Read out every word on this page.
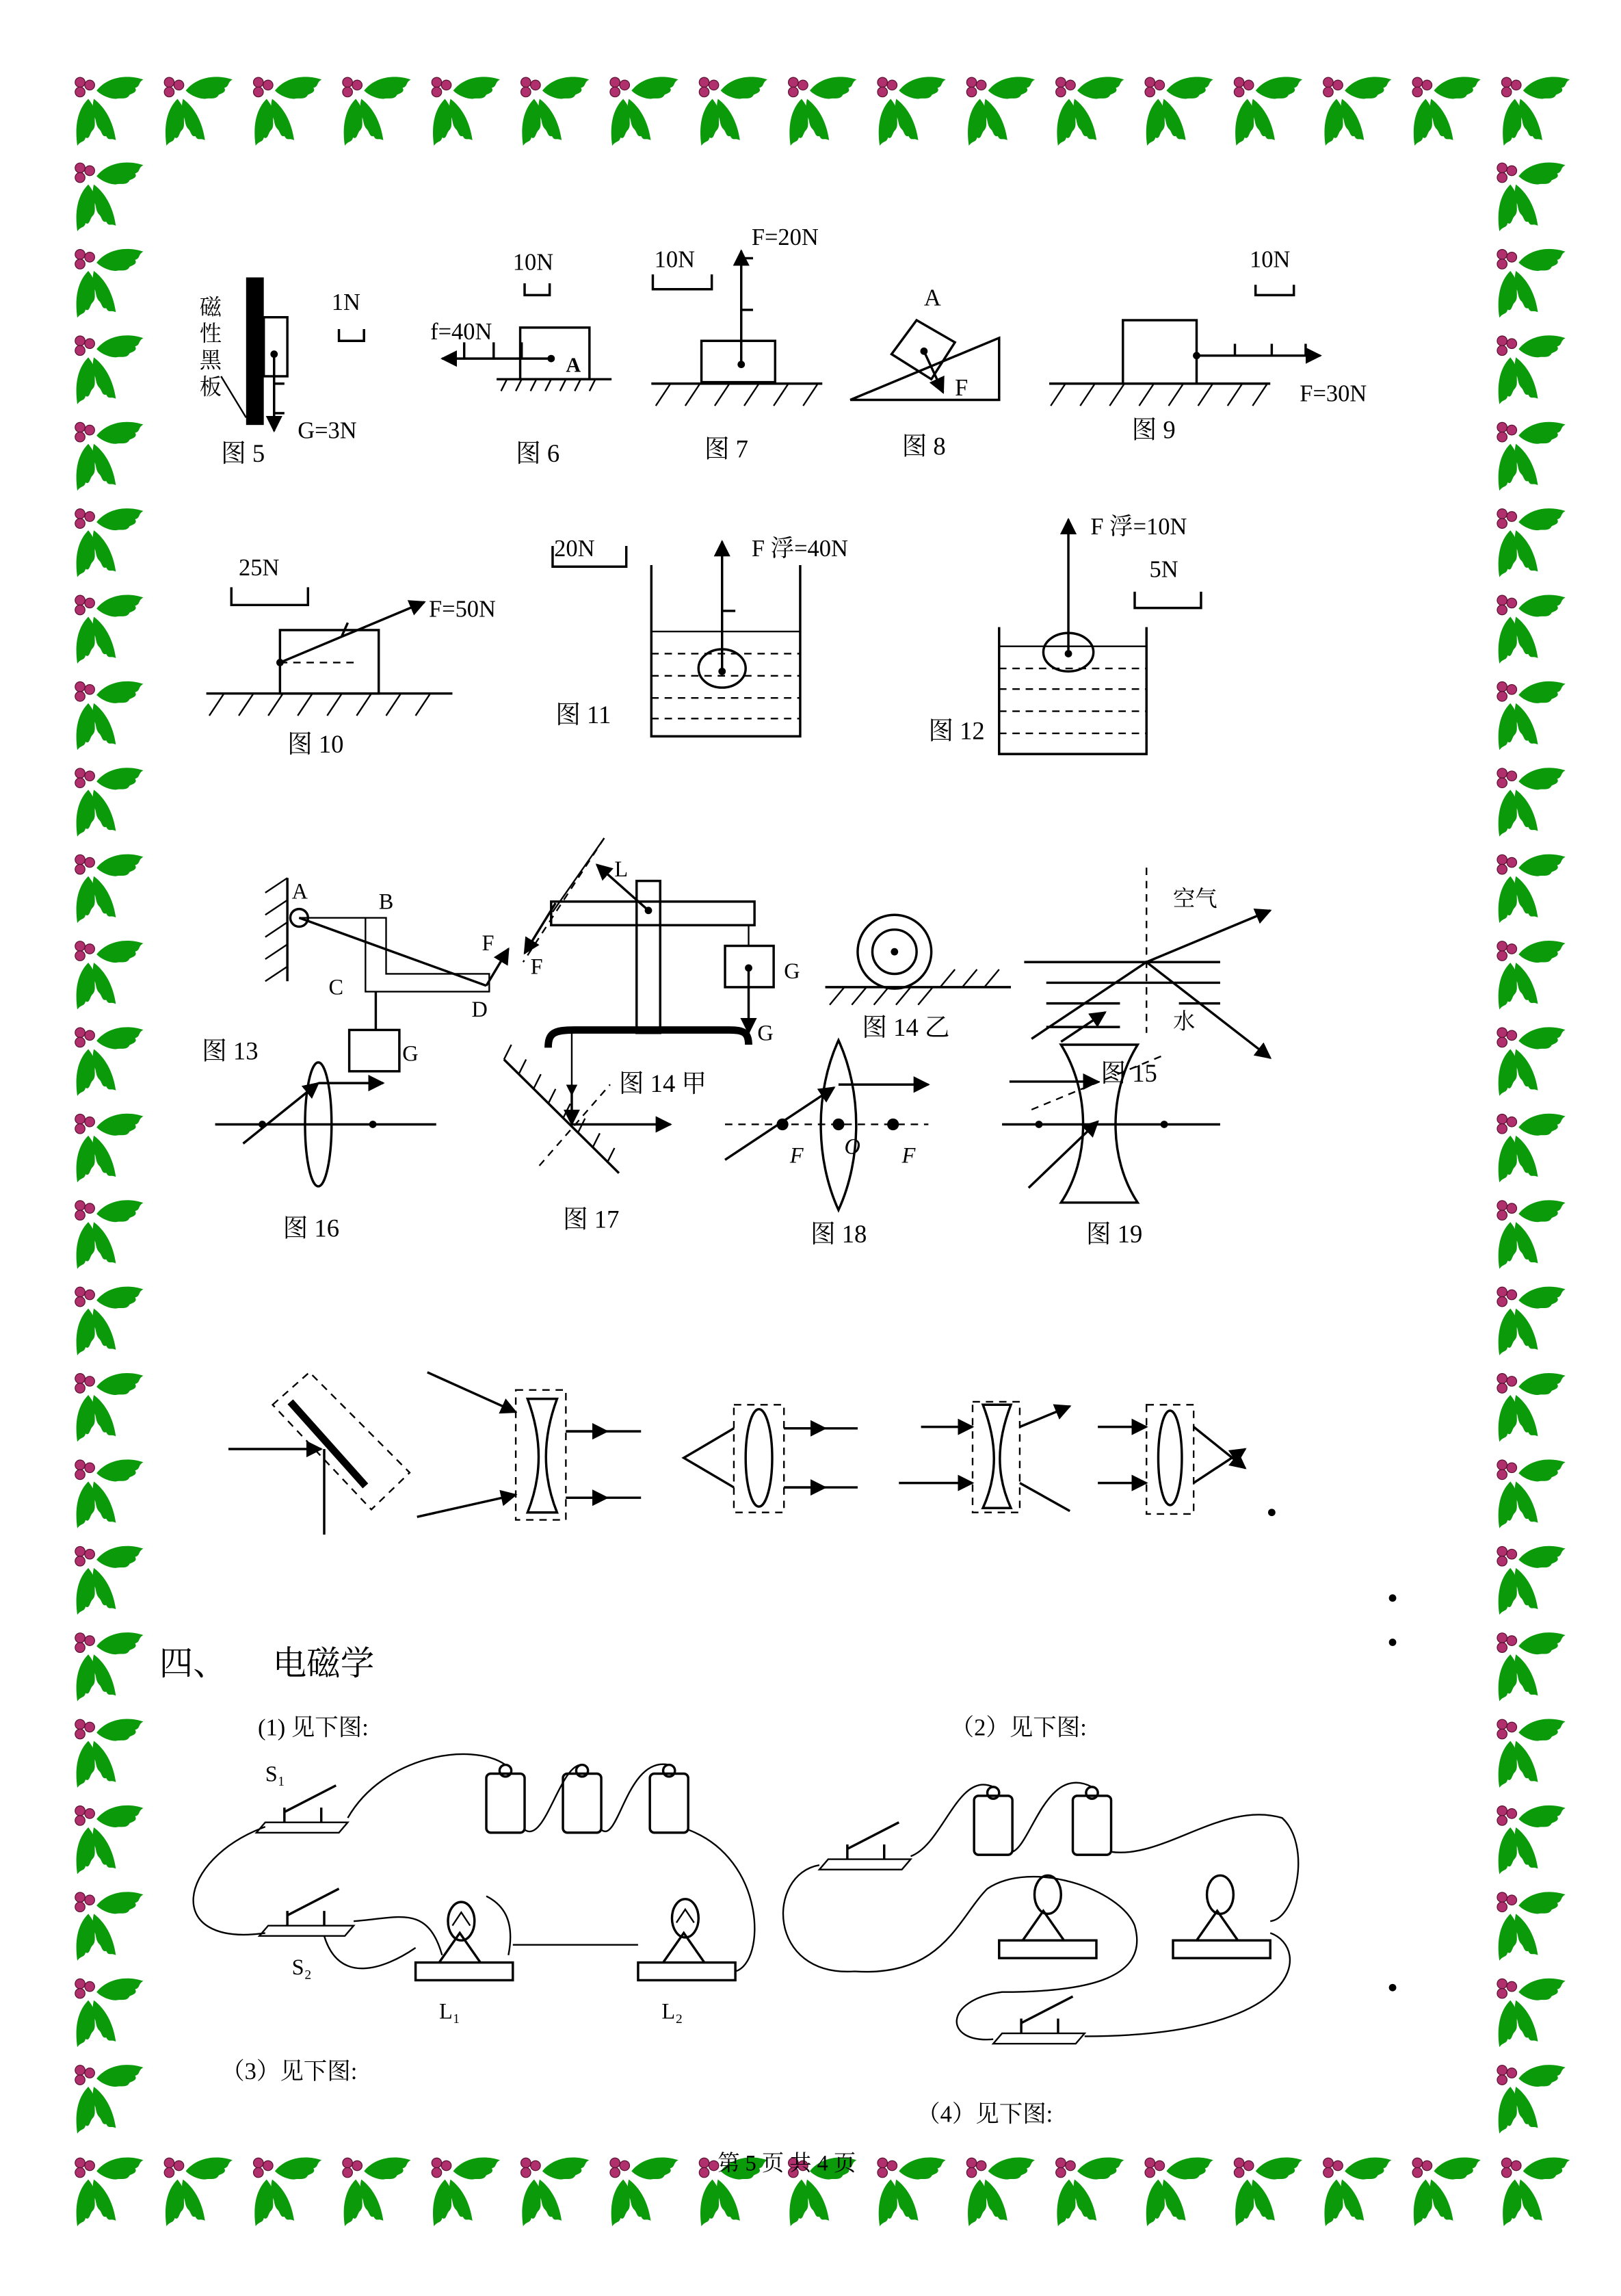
磁性黑板	1N
G=3N
图 5
10N
A
f=40N
图 6
10N
F=20N
图 7
A
F
图 8
10N
F=30N
图 9
25N
F=50N
图 10
20N	F 浮=40N
图 11
F 浮=10N
5N
图 12
A	B
C
D
F
F
G
图 13
L
G
G
图 14 甲
图 14 乙
空气
水
图 15
图 16	图 17
F	O	F
图 18	图 19
四、	电磁学
(1) 见下图:	（2）见下图:
（3）见下图:
（4）见下图:
S₁
S₂
L₁	L₂
第 5 页 共 4 页
